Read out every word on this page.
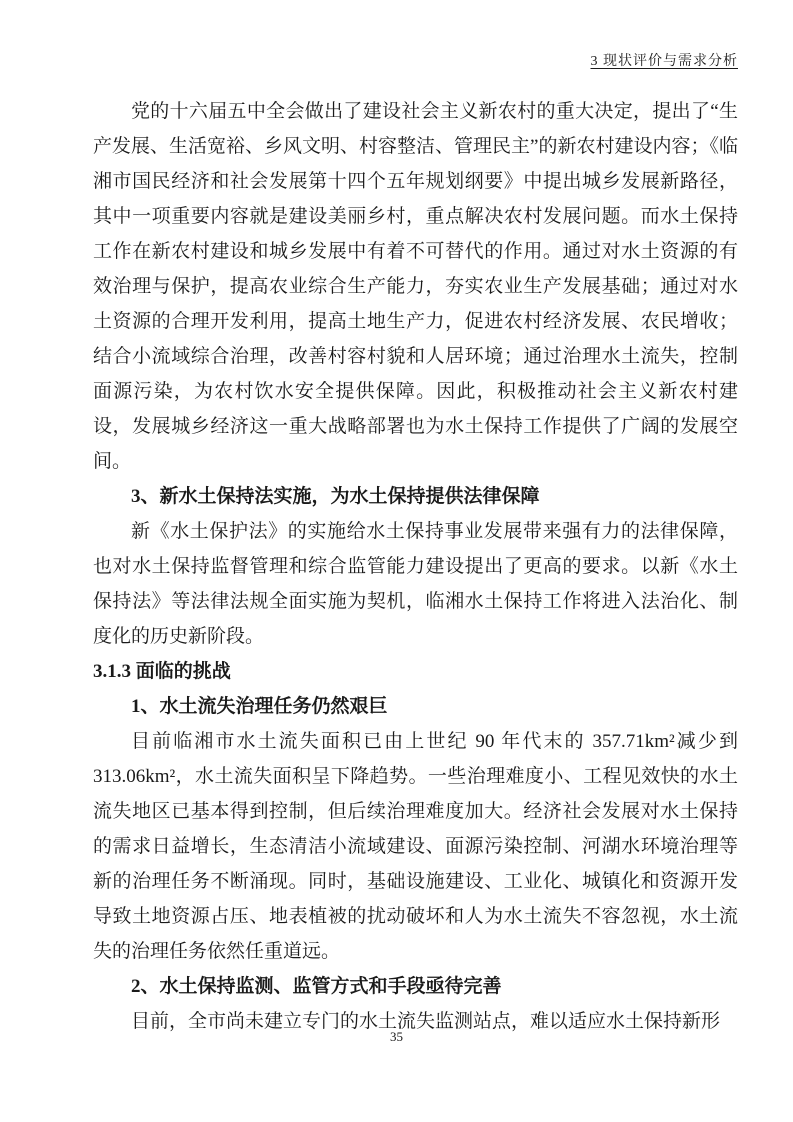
3 现状评价与需求分析

党的十六届五中全会做出了建设社会主义新农村的重大决定，提出了“生产发展、生活宽裕、乡风文明、村容整洁、管理民主”的新农村建设内容；《临湘市国民经济和社会发展第十四个五年规划纲要》中提出城乡发展新路径，其中一项重要内容就是建设美丽乡村，重点解决农村发展问题。而水土保持工作在新农村建设和城乡发展中有着不可替代的作用。通过对水土资源的有效治理与保护，提高农业综合生产能力，夯实农业生产发展基础；通过对水土资源的合理开发利用，提高土地生产力，促进农村经济发展、农民增收；结合小流域综合治理，改善村容村貌和人居环境；通过治理水土流失，控制面源污染，为农村饮水安全提供保障。因此，积极推动社会主义新农村建设，发展城乡经济这一重大战略部署也为水土保持工作提供了广阔的发展空间。

3、新水土保持法实施，为水土保持提供法律保障

新《水土保护法》的实施给水土保持事业发展带来强有力的法律保障，也对水土保持监督管理和综合监管能力建设提出了更高的要求。以新《水土保持法》等法律法规全面实施为契机，临湘水土保持工作将进入法治化、制度化的历史新阶段。

3.1.3 面临的挑战

1、水土流失治理任务仍然艰巨

目前临湘市水土流失面积已由上世纪 90 年代末的 357.71km²减少到313.06km²，水土流失面积呈下降趋势。一些治理难度小、工程见效快的水土流失地区已基本得到控制，但后续治理难度加大。经济社会发展对水土保持的需求日益增长，生态清洁小流域建设、面源污染控制、河湖水环境治理等新的治理任务不断涌现。同时，基础设施建设、工业化、城镇化和资源开发导致土地资源占压、地表植被的扰动破坏和人为水土流失不容忽视，水土流失的治理任务依然任重道远。

2、水土保持监测、监管方式和手段亟待完善

目前，全市尚未建立专门的水土流失监测站点，难以适应水土保持新形

35
